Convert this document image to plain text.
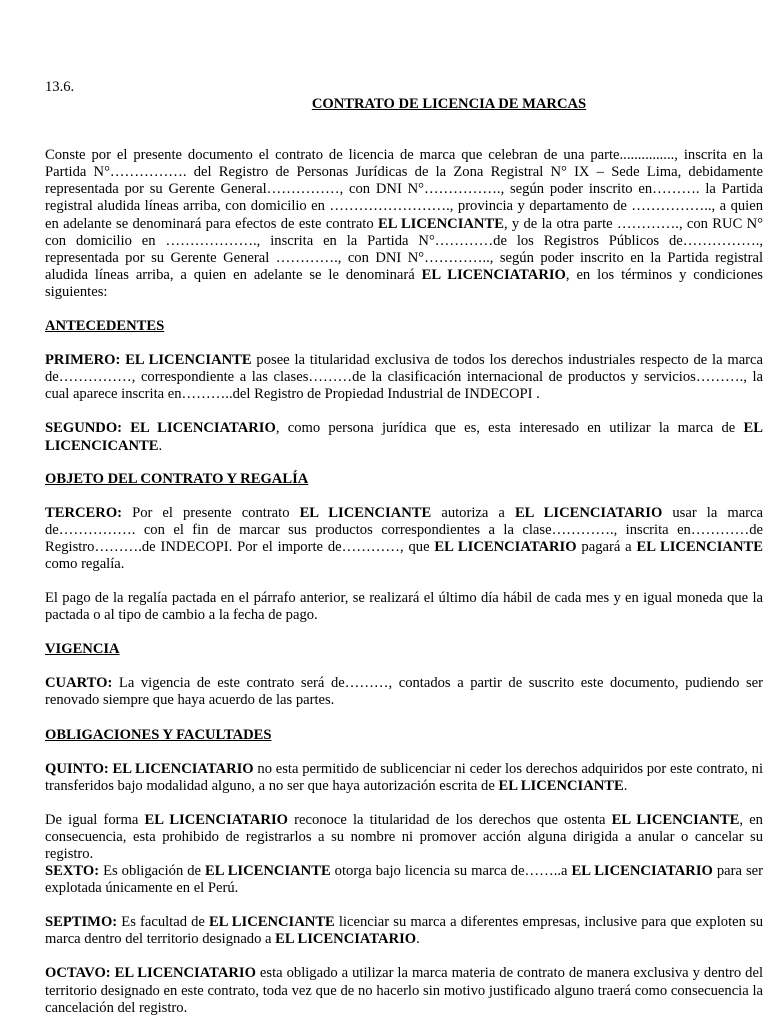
13.6.

CONTRATO DE LICENCIA DE MARCAS

Conste por el presente documento el contrato de licencia de marca que celebran de una parte..............., inscrita en la Partida N°……………. del Registro de Personas Jurídicas de la Zona Registral N° IX – Sede Lima, debidamente representada por su Gerente General……………, con DNI N°……………., según poder inscrito en………. la Partida registral aludida líneas arriba, con domicilio en ……………………., provincia y departamento de …………….., a quien en adelante se denominará para efectos de este contrato EL LICENCIANTE, y de la otra parte …………., con RUC N° con domicilio en ………………., inscrita en la Partida N°…………de los Registros Públicos de……………., representada por su Gerente General …………., con DNI N°………….., según poder inscrito en la Partida registral aludida líneas arriba, a quien en adelante se le denominará EL LICENCIATARIO, en los términos y condiciones siguientes:

ANTECEDENTES

PRIMERO: EL LICENCIANTE posee la titularidad exclusiva de todos los derechos industriales respecto de la marca de……………, correspondiente a las clases………de la clasificación internacional de productos y servicios………., la cual aparece inscrita en………..del Registro de Propiedad Industrial de INDECOPI .

SEGUNDO: EL LICENCIATARIO, como persona jurídica que es, esta interesado en utilizar la marca de EL LICENCICANTE.

OBJETO DEL CONTRATO Y REGALÍA

TERCERO: Por el presente contrato EL LICENCIANTE autoriza a EL LICENCIATARIO usar la marca de……………. con el fin de marcar sus productos correspondientes a la clase…………., inscrita en…………de Registro……….de INDECOPI. Por el importe de…………, que EL LICENCIATARIO pagará a EL LICENCIANTE como regalía.

El pago de la regalía pactada en el párrafo anterior, se realizará el último día hábil de cada mes y en igual moneda que la pactada o al tipo de cambio a la fecha de pago.

VIGENCIA

CUARTO: La vigencia de este contrato será de………, contados a partir de suscrito este documento, pudiendo ser renovado siempre que haya acuerdo de las partes.

OBLIGACIONES Y FACULTADES

QUINTO: EL LICENCIATARIO no esta permitido de sublicenciar ni ceder los derechos adquiridos por este contrato, ni transferidos bajo modalidad alguno, a no ser que haya autorización escrita de EL LICENCIANTE.

De igual forma EL LICENCIATARIO reconoce la titularidad de los derechos que ostenta EL LICENCIANTE, en consecuencia, esta prohibido de registrarlos a su nombre ni promover acción alguna dirigida a anular o cancelar su registro.

SEXTO: Es obligación de EL LICENCIANTE otorga bajo licencia su marca de……..a EL LICENCIATARIO para ser explotada únicamente en el Perú.

SEPTIMO: Es facultad de EL LICENCIANTE licenciar su marca a diferentes empresas, inclusive para que exploten su marca dentro del territorio designado a EL LICENCIATARIO.

OCTAVO: EL LICENCIATARIO esta obligado a utilizar la marca materia de contrato de manera exclusiva y dentro del territorio designado en este contrato, toda vez que de no hacerlo sin motivo justificado alguno traerá como consecuencia la cancelación del registro.
